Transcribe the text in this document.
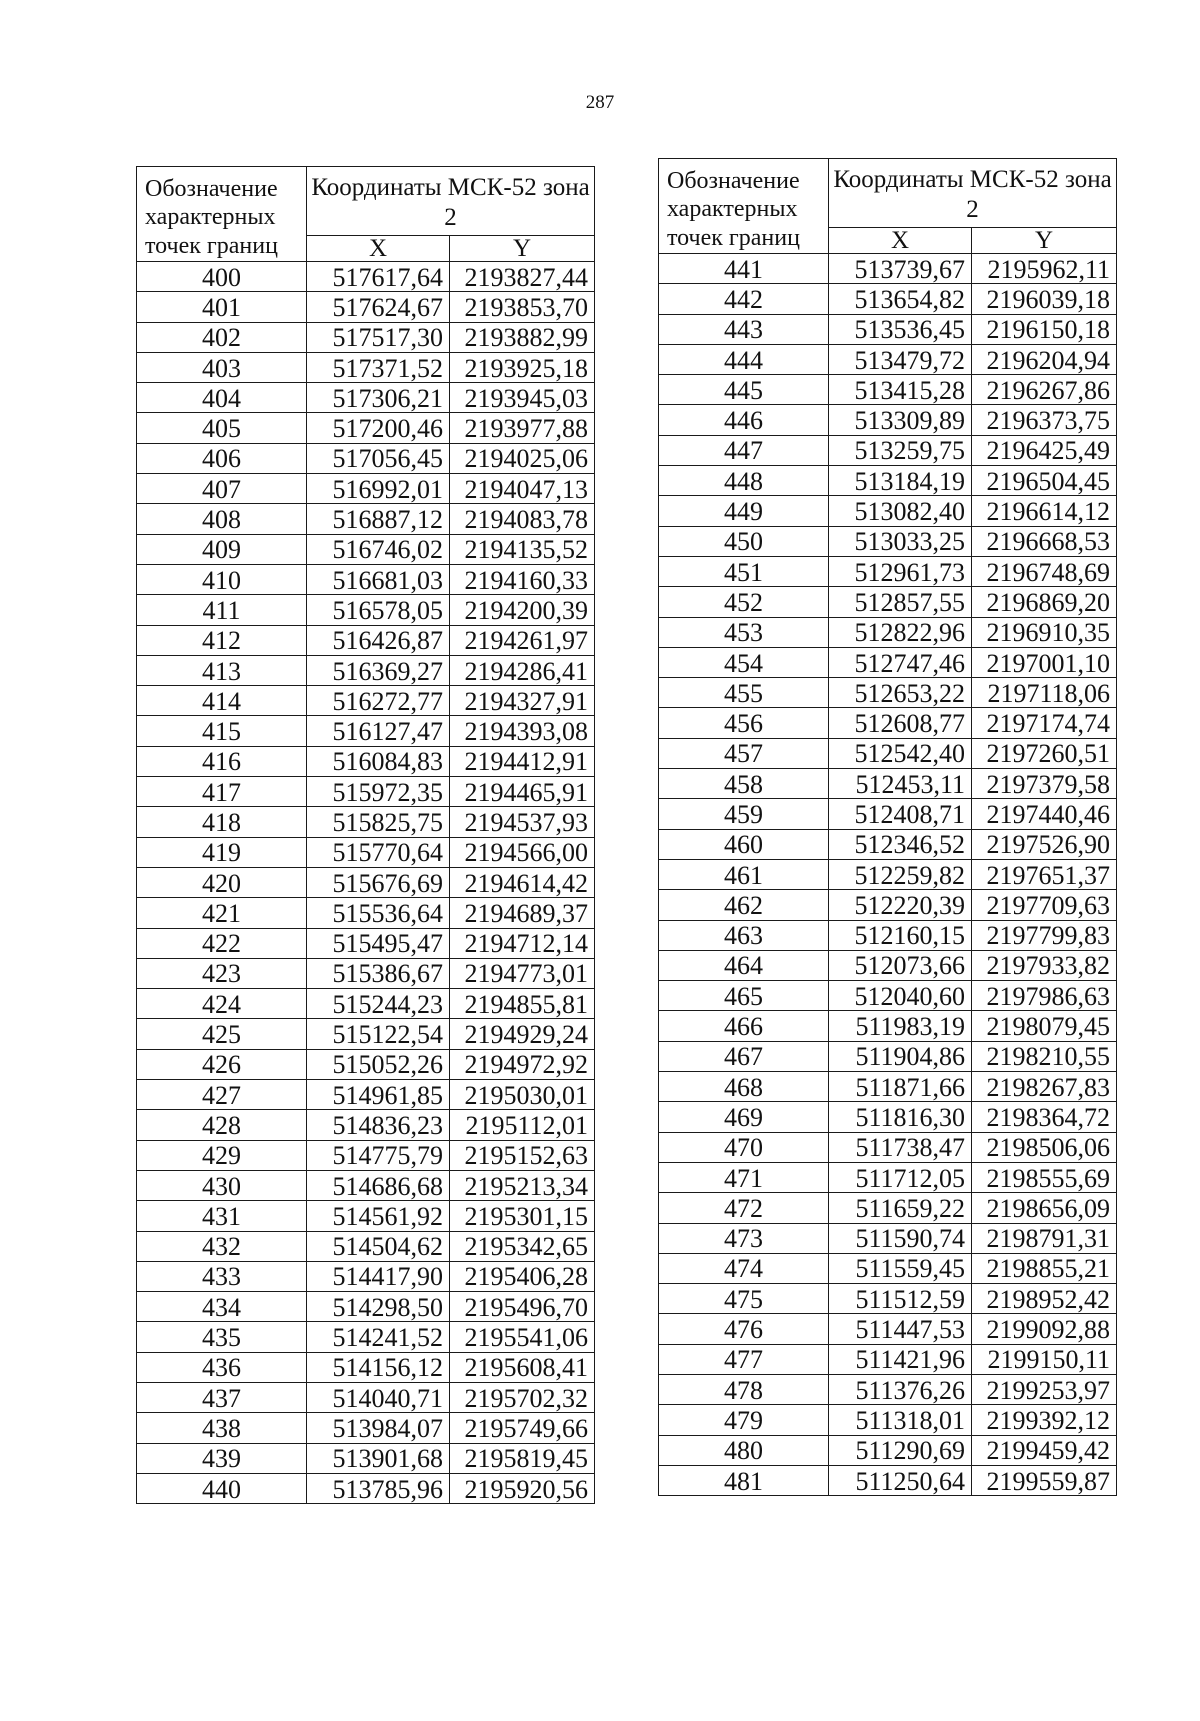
287
Обозначение характерных точек границ	Координаты МСК-52 зона 2	
	X	Y
400	517617,64	2193827,44
401	517624,67	2193853,70
402	517517,30	2193882,99
403	517371,52	2193925,18
404	517306,21	2193945,03
405	517200,46	2193977,88
406	517056,45	2194025,06
407	516992,01	2194047,13
408	516887,12	2194083,78
409	516746,02	2194135,52
410	516681,03	2194160,33
411	516578,05	2194200,39
412	516426,87	2194261,97
413	516369,27	2194286,41
414	516272,77	2194327,91
415	516127,47	2194393,08
416	516084,83	2194412,91
417	515972,35	2194465,91
418	515825,75	2194537,93
419	515770,64	2194566,00
420	515676,69	2194614,42
421	515536,64	2194689,37
422	515495,47	2194712,14
423	515386,67	2194773,01
424	515244,23	2194855,81
425	515122,54	2194929,24
426	515052,26	2194972,92
427	514961,85	2195030,01
428	514836,23	2195112,01
429	514775,79	2195152,63
430	514686,68	2195213,34
431	514561,92	2195301,15
432	514504,62	2195342,65
433	514417,90	2195406,28
434	514298,50	2195496,70
435	514241,52	2195541,06
436	514156,12	2195608,41
437	514040,71	2195702,32
438	513984,07	2195749,66
439	513901,68	2195819,45
440	513785,96	2195920,56
Обозначение характерных точек границ	Координаты МСК-52 зона 2	
	X	Y
441	513739,67	2195962,11
442	513654,82	2196039,18
443	513536,45	2196150,18
444	513479,72	2196204,94
445	513415,28	2196267,86
446	513309,89	2196373,75
447	513259,75	2196425,49
448	513184,19	2196504,45
449	513082,40	2196614,12
450	513033,25	2196668,53
451	512961,73	2196748,69
452	512857,55	2196869,20
453	512822,96	2196910,35
454	512747,46	2197001,10
455	512653,22	2197118,06
456	512608,77	2197174,74
457	512542,40	2197260,51
458	512453,11	2197379,58
459	512408,71	2197440,46
460	512346,52	2197526,90
461	512259,82	2197651,37
462	512220,39	2197709,63
463	512160,15	2197799,83
464	512073,66	2197933,82
465	512040,60	2197986,63
466	511983,19	2198079,45
467	511904,86	2198210,55
468	511871,66	2198267,83
469	511816,30	2198364,72
470	511738,47	2198506,06
471	511712,05	2198555,69
472	511659,22	2198656,09
473	511590,74	2198791,31
474	511559,45	2198855,21
475	511512,59	2198952,42
476	511447,53	2199092,88
477	511421,96	2199150,11
478	511376,26	2199253,97
479	511318,01	2199392,12
480	511290,69	2199459,42
481	511250,64	2199559,87
